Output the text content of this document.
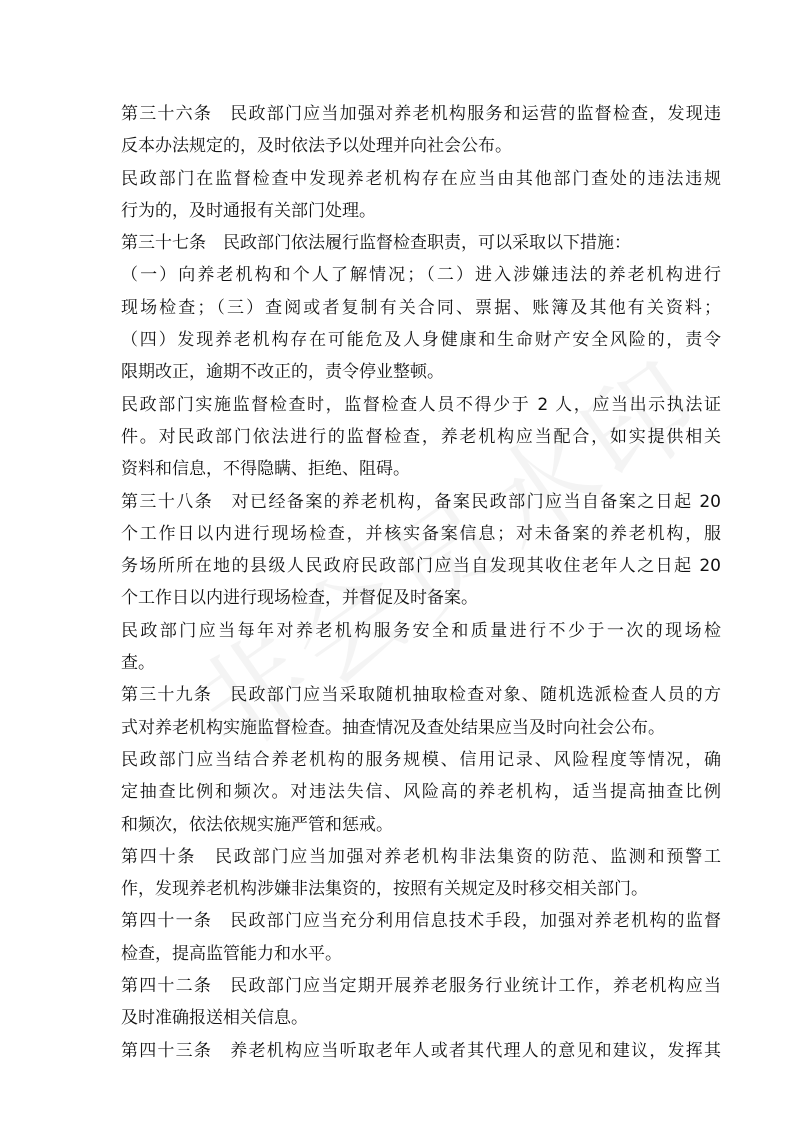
第三十六条　民政部门应当加强对养老机构服务和运营的监督检查，发现违
反本办法规定的，及时依法予以处理并向社会公布。
民政部门在监督检查中发现养老机构存在应当由其他部门查处的违法违规
行为的，及时通报有关部门处理。
第三十七条　民政部门依法履行监督检查职责，可以采取以下措施：
（一）向养老机构和个人了解情况；（二）进入涉嫌违法的养老机构进行
现场检查；（三）查阅或者复制有关合同、票据、账簿及其他有关资料；
（四）发现养老机构存在可能危及人身健康和生命财产安全风险的，责令
限期改正，逾期不改正的，责令停业整顿。
民政部门实施监督检查时，监督检查人员不得少于 2 人，应当出示执法证
件。对民政部门依法进行的监督检查，养老机构应当配合，如实提供相关
资料和信息，不得隐瞒、拒绝、阻碍。
第三十八条　对已经备案的养老机构，备案民政部门应当自备案之日起 20
个工作日以内进行现场检查，并核实备案信息；对未备案的养老机构，服
务场所所在地的县级人民政府民政部门应当自发现其收住老年人之日起 20
个工作日以内进行现场检查，并督促及时备案。
民政部门应当每年对养老机构服务安全和质量进行不少于一次的现场检
查。
第三十九条　民政部门应当采取随机抽取检查对象、随机选派检查人员的方
式对养老机构实施监督检查。抽查情况及查处结果应当及时向社会公布。
民政部门应当结合养老机构的服务规模、信用记录、风险程度等情况，确
定抽查比例和频次。对违法失信、风险高的养老机构，适当提高抽查比例
和频次，依法依规实施严管和惩戒。
第四十条　民政部门应当加强对养老机构非法集资的防范、监测和预警工
作，发现养老机构涉嫌非法集资的，按照有关规定及时移交相关部门。
第四十一条　民政部门应当充分利用信息技术手段，加强对养老机构的监督
检查，提高监管能力和水平。
第四十二条　民政部门应当定期开展养老服务行业统计工作，养老机构应当
及时准确报送相关信息。
第四十三条　养老机构应当听取老年人或者其代理人的意见和建议，发挥其
